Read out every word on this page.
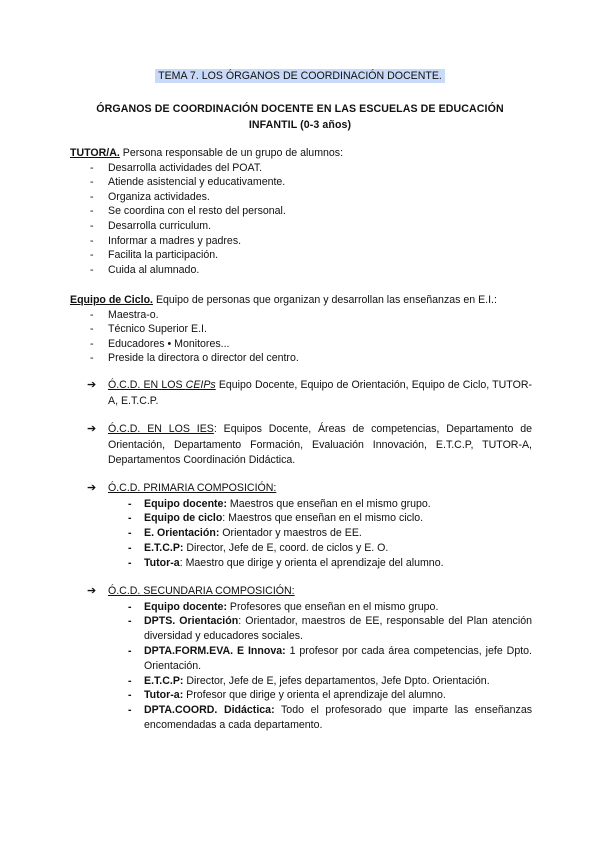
TEMA 7. LOS ÓRGANOS DE COORDINACIÓN DOCENTE.
ÓRGANOS DE COORDINACIÓN DOCENTE EN LAS ESCUELAS DE EDUCACIÓN
INFANTIL (0-3 años)
TUTOR/A. Persona responsable de un grupo de alumnos:
- Desarrolla actividades del POAT.
- Atiende asistencial y educativamente.
- Organiza actividades.
- Se coordina con el resto del personal.
- Desarrolla curriculum.
- Informar a madres y padres.
- Facilita la participación.
- Cuida al alumnado.
Equipo de Ciclo. Equipo de personas que organizan y desarrollan las enseñanzas en E.I.:
- Maestra-o.
- Técnico Superior E.I.
- Educadores • Monitores...
- Preside la directora o director del centro.
➔ Ó.C.D. EN LOS CEIPs Equipo Docente, Equipo de Orientación, Equipo de Ciclo, TUTOR-A, E.T.C.P.
➔ Ó.C.D. EN LOS IES: Equipos Docente, Áreas de competencias, Departamento de Orientación, Departamento Formación, Evaluación Innovación, E.T.C.P, TUTOR-A, Departamentos Coordinación Didáctica.
➔ Ó.C.D. PRIMARIA COMPOSICIÓN:
- Equipo docente: Maestros que enseñan en el mismo grupo.
- Equipo de ciclo: Maestros que enseñan en el mismo ciclo.
- E. Orientación: Orientador y maestros de EE.
- E.T.C.P: Director, Jefe de E, coord. de ciclos y E. O.
- Tutor-a: Maestro que dirige y orienta el aprendizaje del alumno.
➔ Ó.C.D. SECUNDARIA COMPOSICIÓN:
- Equipo docente: Profesores que enseñan en el mismo grupo.
- DPTS. Orientación: Orientador, maestros de EE, responsable del Plan atención diversidad y educadores sociales.
- DPTA.FORM.EVA. E Innova: 1 profesor por cada área competencias, jefe Dpto. Orientación.
- E.T.C.P: Director, Jefe de E, jefes departamentos, Jefe Dpto. Orientación.
- Tutor-a: Profesor que dirige y orienta el aprendizaje del alumno.
- DPTA.COORD. Didáctica: Todo el profesorado que imparte las enseñanzas encomendadas a cada departamento.
